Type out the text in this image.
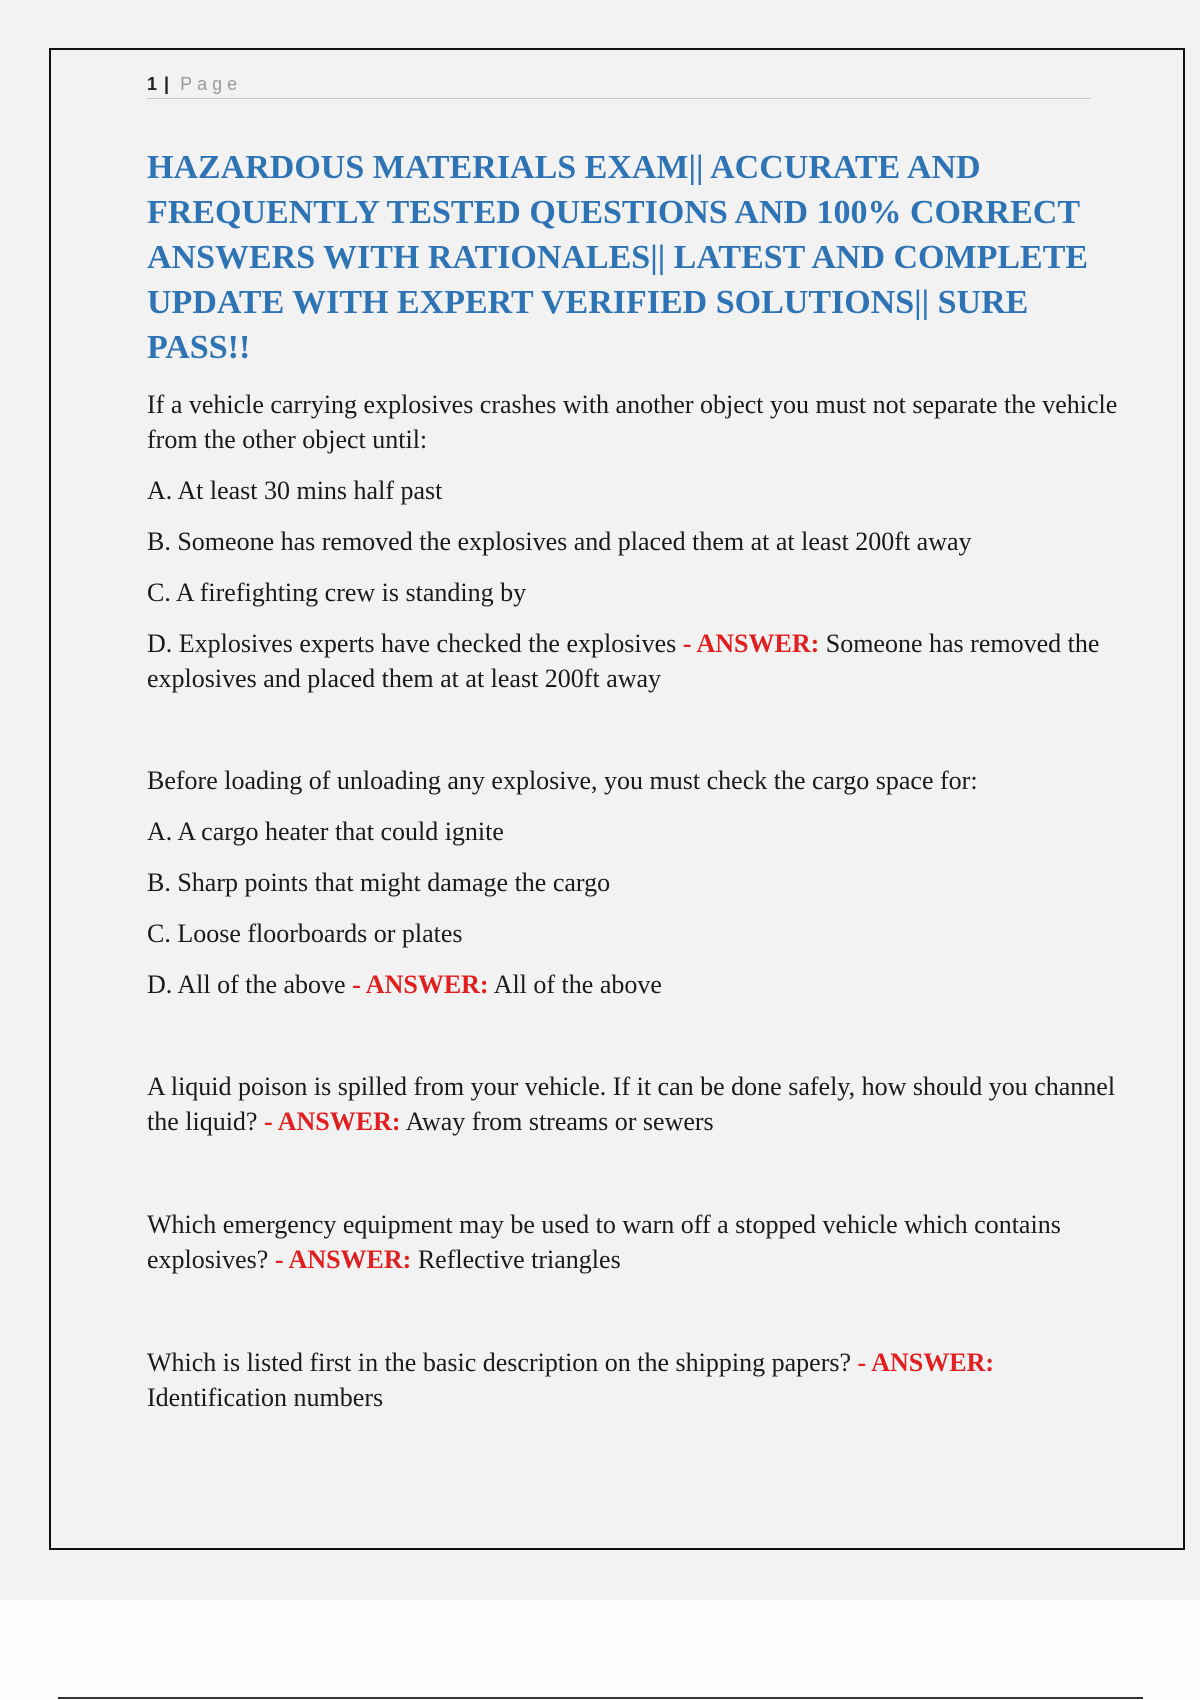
1 | Page
HAZARDOUS MATERIALS EXAM|| ACCURATE AND FREQUENTLY TESTED QUESTIONS AND 100% CORRECT ANSWERS WITH RATIONALES|| LATEST AND COMPLETE UPDATE WITH EXPERT VERIFIED SOLUTIONS|| SURE PASS!!

If a vehicle carrying explosives crashes with another object you must not separate the vehicle from the other object until:

A. At least 30 mins half past

B. Someone has removed the explosives and placed them at at least 200ft away

C. A firefighting crew is standing by

D. Explosives experts have checked the explosives - ANSWER: Someone has removed the explosives and placed them at at least 200ft away

Before loading of unloading any explosive, you must check the cargo space for:

A. A cargo heater that could ignite

B. Sharp points that might damage the cargo

C. Loose floorboards or plates

D. All of the above - ANSWER: All of the above

A liquid poison is spilled from your vehicle. If it can be done safely, how should you channel the liquid? - ANSWER: Away from streams or sewers

Which emergency equipment may be used to warn off a stopped vehicle which contains explosives? - ANSWER: Reflective triangles

Which is listed first in the basic description on the shipping papers? - ANSWER: Identification numbers
